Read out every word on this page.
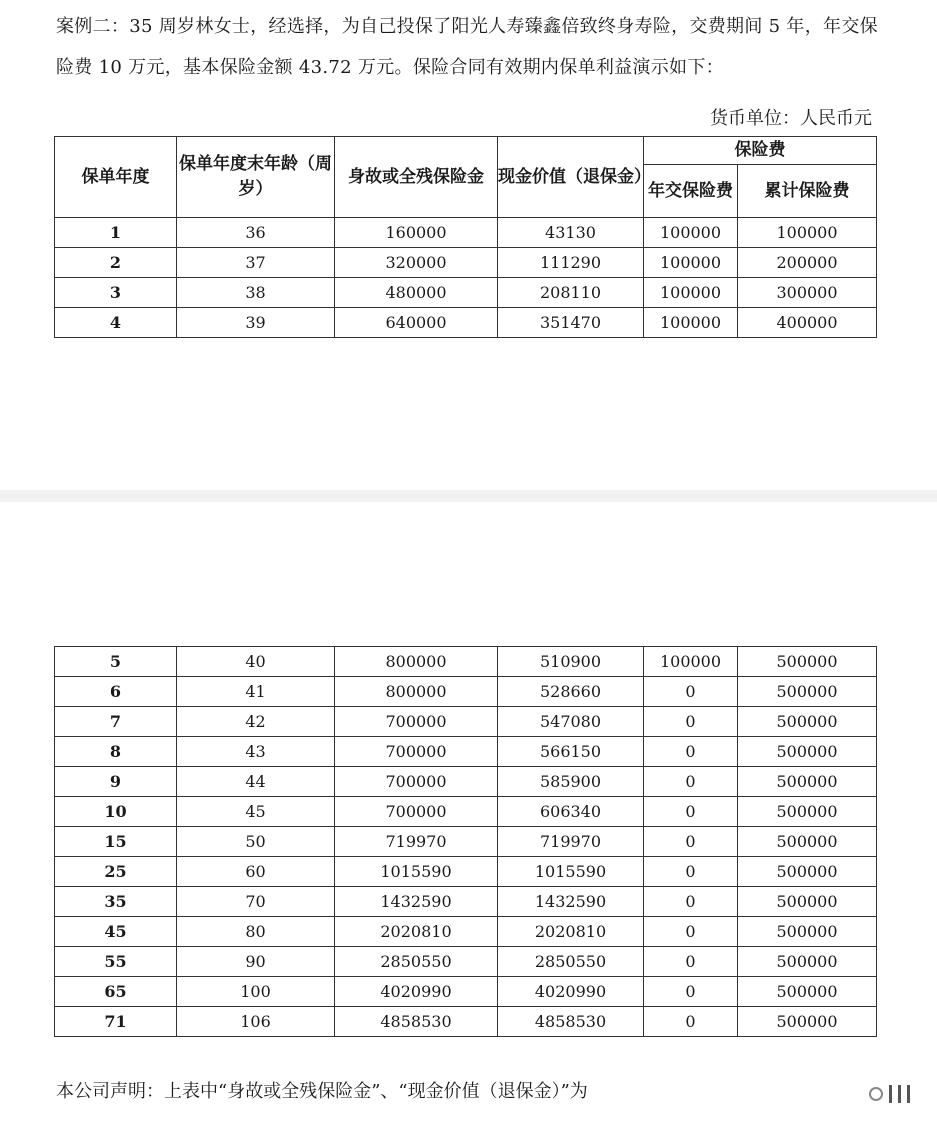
案例二：35 周岁林女士，经选择，为自己投保了阳光人寿臻鑫倍致终身寿险，交费期间 5 年，年交保险费 10 万元，基本保险金额 43.72 万元。保险合同有效期内保单利益演示如下：

货币单位：人民币元

保单年度	保单年度末年龄（周岁）	身故或全残保险金	现金价值（退保金）	保险费	
				年交保险费	累计保险费
1	36	160000	43130	100000	100000
2	37	320000	111290	100000	200000
3	38	480000	208110	100000	300000
4	39	640000	351470	100000	400000
5	40	800000	510900	100000	500000
6	41	800000	528660	0	500000
7	42	700000	547080	0	500000
8	43	700000	566150	0	500000
9	44	700000	585900	0	500000
10	45	700000	606340	0	500000
15	50	719970	719970	0	500000
25	60	1015590	1015590	0	500000
35	70	1432590	1432590	0	500000
45	80	2020810	2020810	0	500000
55	90	2850550	2850550	0	500000
65	100	4020990	4020990	0	500000
71	106	4858530	4858530	0	500000

本公司声明：上表中“身故或全残保险金”、“现金价值（退保金）”为
